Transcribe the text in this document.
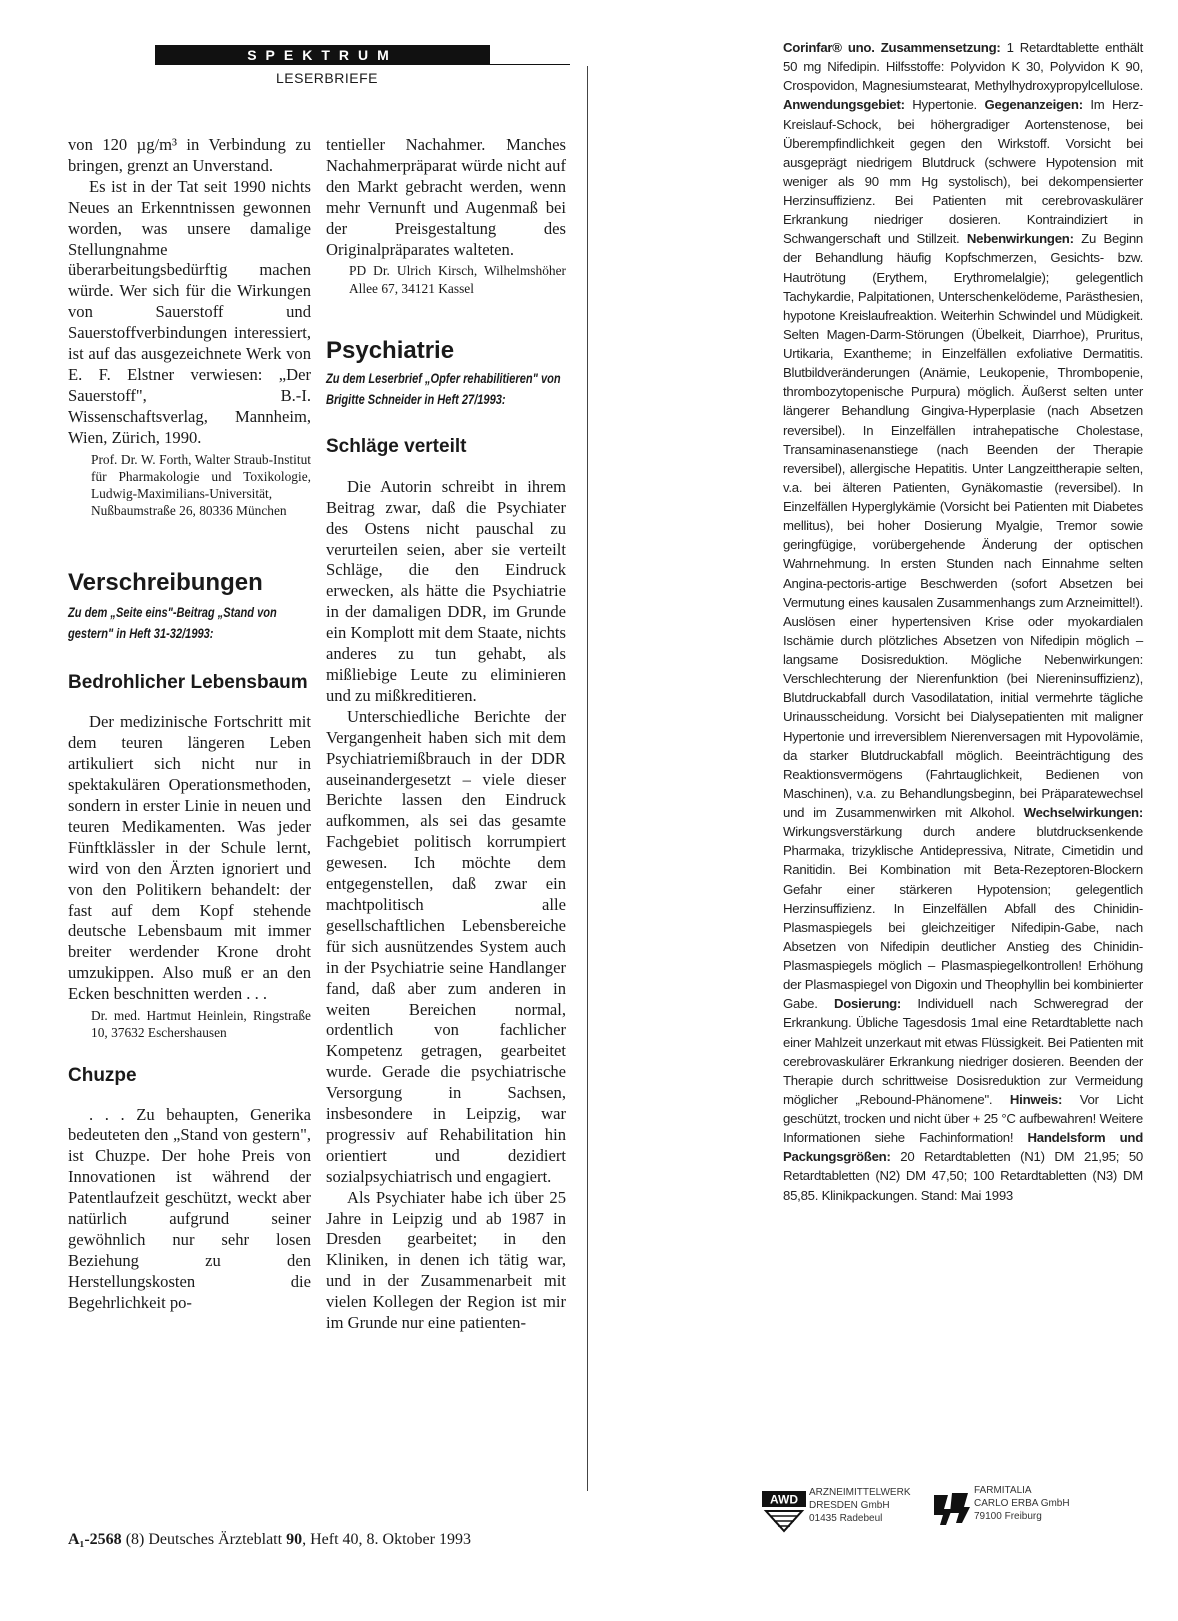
SPEKTRUM
LESERBRIEFE

von 120 µg/m³ in Verbindung zu bringen, grenzt an Unverstand.

Es ist in der Tat seit 1990 nichts Neues an Erkenntnissen gewonnen worden, was unsere damalige Stellungnahme überarbeitungsbedürftig machen würde. Wer sich für die Wirkungen von Sauerstoff und Sauerstoffverbindungen interessiert, ist auf das ausgezeichnete Werk von E. F. Elstner verwiesen: „Der Sauerstoff", B.-I. Wissenschaftsverlag, Mannheim, Wien, Zürich, 1990.

Prof. Dr. W. Forth, Walter Straub-Institut für Pharmakologie und Toxikologie, Ludwig-Maximilians-Universität, Nußbaumstraße 26, 80336 München

Verschreibungen

Zu dem „Seite eins"-Beitrag „Stand von gestern" in Heft 31-32/1993:

Bedrohlicher Lebensbaum

Der medizinische Fortschritt mit dem teuren längeren Leben artikuliert sich nicht nur in spektakulären Operationsmethoden, sondern in erster Linie in neuen und teuren Medikamenten. Was jeder Fünftklässler in der Schule lernt, wird von den Ärzten ignoriert und von den Politikern behandelt: der fast auf dem Kopf stehende deutsche Lebensbaum mit immer breiter werdender Krone droht umzukippen. Also muß er an den Ecken beschnitten werden . . .

Dr. med. Hartmut Heinlein, Ringstraße 10, 37632 Eschershausen

Chuzpe

. . . Zu behaupten, Generika bedeuteten den „Stand von gestern", ist Chuzpe. Der hohe Preis von Innovationen ist während der Patentlaufzeit geschützt, weckt aber natürlich aufgrund seiner gewöhnlich nur sehr losen Beziehung zu den Herstellungskosten die Begehrlichkeit po-

tentieller Nachahmer. Manches Nachahmerpräparat würde nicht auf den Markt gebracht werden, wenn mehr Vernunft und Augenmaß bei der Preisgestaltung des Originalpräparates walteten.

PD Dr. Ulrich Kirsch, Wilhelmshöher Allee 67, 34121 Kassel

Psychiatrie

Zu dem Leserbrief „Opfer rehabilitieren" von Brigitte Schneider in Heft 27/1993:

Schläge verteilt

Die Autorin schreibt in ihrem Beitrag zwar, daß die Psychiater des Ostens nicht pauschal zu verurteilen seien, aber sie verteilt Schläge, die den Eindruck erwecken, als hätte die Psychiatrie in der damaligen DDR, im Grunde ein Komplott mit dem Staate, nichts anderes zu tun gehabt, als mißliebige Leute zu eliminieren und zu mißkreditieren.

Unterschiedliche Berichte der Vergangenheit haben sich mit dem Psychiatriemißbrauch in der DDR auseinandergesetzt – viele dieser Berichte lassen den Eindruck aufkommen, als sei das gesamte Fachgebiet politisch korrumpiert gewesen. Ich möchte dem entgegenstellen, daß zwar ein machtpolitisch alle gesellschaftlichen Lebensbereiche für sich ausnützendes System auch in der Psychiatrie seine Handlanger fand, daß aber zum anderen in weiten Bereichen normal, ordentlich von fachlicher Kompetenz getragen, gearbeitet wurde. Gerade die psychiatrische Versorgung in Sachsen, insbesondere in Leipzig, war progressiv auf Rehabilitation hin orientiert und dezidiert sozialpsychiatrisch und engagiert.

Als Psychiater habe ich über 25 Jahre in Leipzig und ab 1987 in Dresden gearbeitet; in den Kliniken, in denen ich tätig war, und in der Zusammenarbeit mit vielen Kollegen der Region ist mir im Grunde nur eine patienten-

Corinfar® uno. Zusammensetzung: 1 Retardtablette enthält 50 mg Nifedipin. Hilfsstoffe: Polyvidon K 30, Polyvidon K 90, Crospovidon, Magnesiumstearat, Methylhydroxypropylcellulose. Anwendungsgebiet: Hypertonie. Gegenanzeigen: Im Herz-Kreislauf-Schock, bei höhergradiger Aortenstenose, bei Überempfindlichkeit gegen den Wirkstoff. Vorsicht bei ausgeprägt niedrigem Blutdruck (schwere Hypotension mit weniger als 90 mm Hg systolisch), bei dekompensierter Herzinsuffizienz. Bei Patienten mit cerebrovaskulärer Erkrankung niedriger dosieren. Kontraindiziert in Schwangerschaft und Stillzeit. Nebenwirkungen: Zu Beginn der Behandlung häufig Kopfschmerzen, Gesichts- bzw. Hautrötung (Erythem, Erythromelalgie); gelegentlich Tachykardie, Palpitationen, Unterschenkelödeme, Parästhesien, hypotone Kreislaufreaktion. Weiterhin Schwindel und Müdigkeit. Selten Magen-Darm-Störungen (Übelkeit, Diarrhoe), Pruritus, Urtikaria, Exantheme; in Einzelfällen exfoliative Dermatitis. Blutbildveränderungen (Anämie, Leukopenie, Thrombopenie, thrombozytopenische Purpura) möglich. Äußerst selten unter längerer Behandlung Gingiva-Hyperplasie (nach Absetzen reversibel). In Einzelfällen intrahepatische Cholestase, Transaminasenanstiege (nach Beenden der Therapie reversibel), allergische Hepatitis. Unter Langzeittherapie selten, v.a. bei älteren Patienten, Gynäkomastie (reversibel). In Einzelfällen Hyperglykämie (Vorsicht bei Patienten mit Diabetes mellitus), bei hoher Dosierung Myalgie, Tremor sowie geringfügige, vorübergehende Änderung der optischen Wahrnehmung. In ersten Stunden nach Einnahme selten Angina-pectoris-artige Beschwerden (sofort Absetzen bei Vermutung eines kausalen Zusammenhangs zum Arzneimittel!). Auslösen einer hypertensiven Krise oder myokardialen Ischämie durch plötzliches Absetzen von Nifedipin möglich – langsame Dosisreduktion. Mögliche Nebenwirkungen: Verschlechterung der Nierenfunktion (bei Niereninsuffizienz), Blutdruckabfall durch Vasodilatation, initial vermehrte tägliche Urinausscheidung. Vorsicht bei Dialysepatienten mit maligner Hypertonie und irreversiblem Nierenversagen mit Hypovolämie, da starker Blutdruckabfall möglich. Beeinträchtigung des Reaktionsvermögens (Fahrtauglichkeit, Bedienen von Maschinen), v.a. zu Behandlungsbeginn, bei Präparatewechsel und im Zusammenwirken mit Alkohol. Wechselwirkungen: Wirkungsverstärkung durch andere blutdrucksenkende Pharmaka, trizyklische Antidepressiva, Nitrate, Cimetidin und Ranitidin. Bei Kombination mit Beta-Rezeptoren-Blockern Gefahr einer stärkeren Hypotension; gelegentlich Herzinsuffizienz. In Einzelfällen Abfall des Chinidin-Plasmaspiegels bei gleichzeitiger Nifedipin-Gabe, nach Absetzen von Nifedipin deutlicher Anstieg des Chinidin-Plasmaspiegels möglich – Plasmaspiegelkontrollen! Erhöhung der Plasmaspiegel von Digoxin und Theophyllin bei kombinierter Gabe. Dosierung: Individuell nach Schweregrad der Erkrankung. Übliche Tagesdosis 1mal eine Retardtablette nach einer Mahlzeit unzerkaut mit etwas Flüssigkeit. Bei Patienten mit cerebrovaskulärer Erkrankung niedriger dosieren. Beenden der Therapie durch schrittweise Dosisreduktion zur Vermeidung möglicher „Rebound-Phänomene". Hinweis: Vor Licht geschützt, trocken und nicht über + 25 °C aufbewahren! Weitere Informationen siehe Fachinformation! Handelsform und Packungsgrößen: 20 Retardtabletten (N1) DM 21,95; 50 Retardtabletten (N2) DM 47,50; 100 Retardtabletten (N3) DM 85,85. Klinikpackungen. Stand: Mai 1993

AWD ARZNEIMITTELWERK
DRESDEN GmbH
01435 Radebeul
FARMITALIA
CARLO ERBA GmbH
79100 Freiburg
A₁-2568 (8) Deutsches Ärzteblatt 90, Heft 40, 8. Oktober 1993
